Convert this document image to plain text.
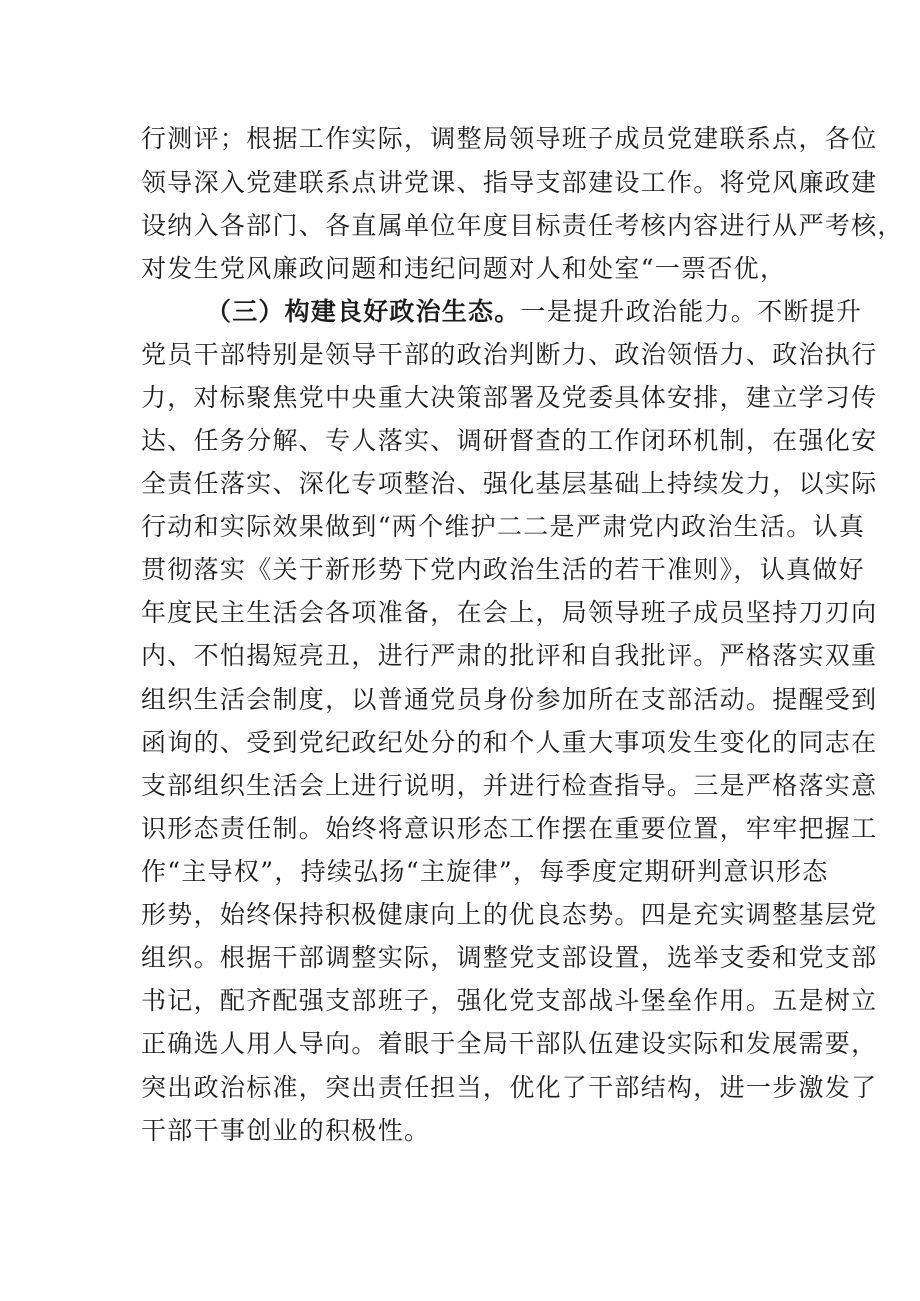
行测评；根据工作实际，调整局领导班子成员党建联系点，各位
领导深入党建联系点讲党课、指导支部建设工作。将党风廉政建
设纳入各部门、各直属单位年度目标责任考核内容进行从严考核，
对发生党风廉政问题和违纪问题对人和处室“一票否优，
（三）构建良好政治生态。一是提升政治能力。不断提升
党员干部特别是领导干部的政治判断力、政治领悟力、政治执行
力，对标聚焦党中央重大决策部署及党委具体安排，建立学习传
达、任务分解、专人落实、调研督查的工作闭环机制，在强化安
全责任落实、深化专项整治、强化基层基础上持续发力，以实际
行动和实际效果做到“两个维护二二是严肃党内政治生活。认真
贯彻落实《关于新形势下党内政治生活的若干准则》，认真做好
年度民主生活会各项准备，在会上，局领导班子成员坚持刀刃向
内、不怕揭短亮丑，进行严肃的批评和自我批评。严格落实双重
组织生活会制度，以普通党员身份参加所在支部活动。提醒受到
函询的、受到党纪政纪处分的和个人重大事项发生变化的同志在
支部组织生活会上进行说明，并进行检查指导。三是严格落实意
识形态责任制。始终将意识形态工作摆在重要位置，牢牢把握工
作“主导权”，持续弘扬“主旋律”，每季度定期研判意识形态
形势，始终保持积极健康向上的优良态势。四是充实调整基层党
组织。根据干部调整实际，调整党支部设置，选举支委和党支部
书记，配齐配强支部班子，强化党支部战斗堡垒作用。五是树立
正确选人用人导向。着眼于全局干部队伍建设实际和发展需要，
突出政治标准，突出责任担当，优化了干部结构，进一步激发了
干部干事创业的积极性。
